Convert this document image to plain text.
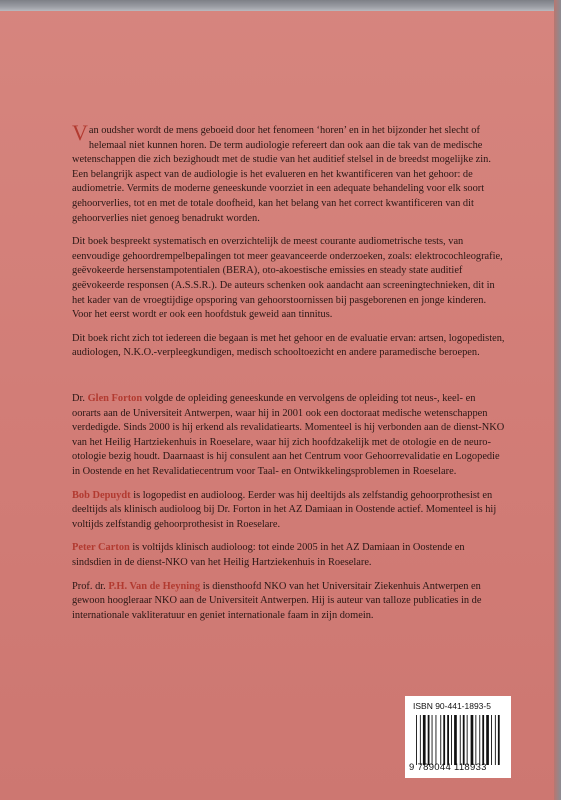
Van oudsher wordt de mens geboeid door het fenomeen ‘horen’ en in het bijzonder het slecht of helemaal niet kunnen horen. De term audiologie refereert dan ook aan die tak van de medische wetenschappen die zich bezighoudt met de studie van het auditief stelsel in de breedst mogelijke zin. Een belangrijk aspect van de audiologie is het evalueren en het kwantificeren van het gehoor: de audiometrie. Vermits de moderne geneeskunde voorziet in een adequate behandeling voor elk soort gehoorverlies, tot en met de totale doofheid, kan het belang van het correct kwantificeren van dit gehoorverlies niet genoeg benadrukt worden.

Dit boek bespreekt systematisch en overzichtelijk de meest courante audiometrische tests, van eenvoudige gehoordrempelbepalingen tot meer geavanceerde onderzoeken, zoals: elektrocochleografie, geëvokeerde hersenstampotentialen (BERA), oto-akoestische emissies en steady state auditief geëvokeerde responsen (A.S.S.R.). De auteurs schenken ook aandacht aan screeningtechnieken, dit in het kader van de vroegtijdige opsporing van gehoorstoornissen bij pasgeborenen en jonge kinderen. Voor het eerst wordt er ook een hoofdstuk geweid aan tinnitus.

Dit boek richt zich tot iedereen die begaan is met het gehoor en de evaluatie ervan: artsen, logopedisten, audiologen, N.K.O.-verpleegkundigen, medisch schooltoezicht en andere paramedische beroepen.

Dr. Glen Forton volgde de opleiding geneeskunde en vervolgens de opleiding tot neus-, keel- en oorarts aan de Universiteit Antwerpen, waar hij in 2001 ook een doctoraat medische wetenschappen verdedigde. Sinds 2000 is hij erkend als revalidatiearts. Momenteel is hij verbonden aan de dienst-NKO van het Heilig Hartziekenhuis in Roeselare, waar hij zich hoofdzakelijk met de otologie en de neuro-otologie bezig houdt. Daarnaast is hij consulent aan het Centrum voor Gehoorrevalidatie en Logopedie in Oostende en het Revalidatiecentrum voor Taal- en Ontwikkelingsproblemen in Roeselare.

Bob Depuydt is logopedist en audioloog. Eerder was hij deeltijds als zelfstandig gehoorprothesist en deeltijds als klinisch audioloog bij Dr. Forton in het AZ Damiaan in Oostende actief. Momenteel is hij voltijds zelfstandig gehoorprothesist in Roeselare.

Peter Carton is voltijds klinisch audioloog: tot einde 2005 in het AZ Damiaan in Oostende en sindsdien in de dienst-NKO van het Heilig Hartziekenhuis in Roeselare.

Prof. dr. P.H. Van de Heyning is diensthoofd NKO van het Universitair Ziekenhuis Antwerpen en gewoon hoogleraar NKO aan de Universiteit Antwerpen. Hij is auteur van talloze publicaties in de internationale vakliteratuur en geniet internationale faam in zijn domein.

ISBN 90-441-1893-5
9 789044 118933
